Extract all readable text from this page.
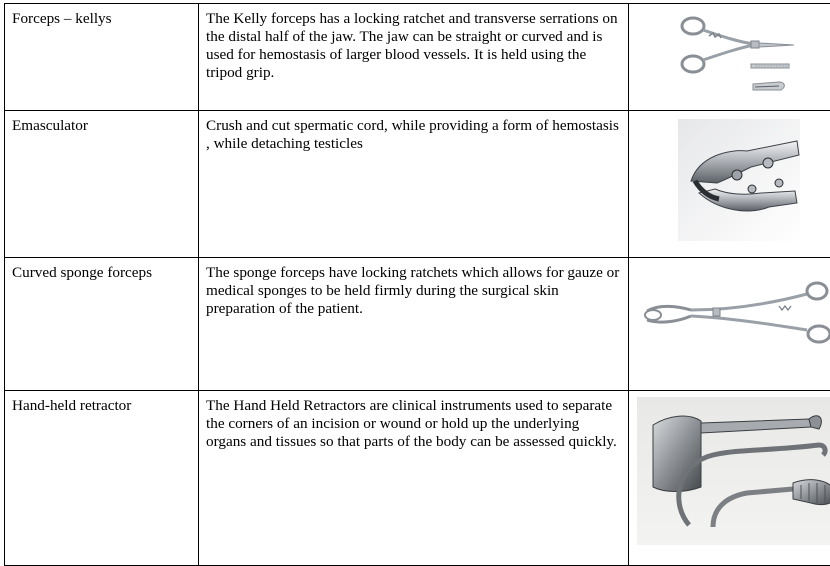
Forceps – kellys	The Kelly forceps has a locking ratchet and transverse serrations on the distal half of the jaw. The jaw can be straight or curved and is used for hemostasis of larger blood vessels. It is held using the tripod grip.	

Emasculator	Crush and cut spermatic cord, while providing a form of hemostasis , while detaching testicles	

Curved sponge forceps	The sponge forceps have locking ratchets which allows for gauze or medical sponges to be held firmly during the surgical skin preparation of the patient.	

Hand-held retractor	The Hand Held Retractors are clinical instruments used to separate the corners of an incision or wound or hold up the underlying organs and tissues so that parts of the body can be assessed quickly.	
